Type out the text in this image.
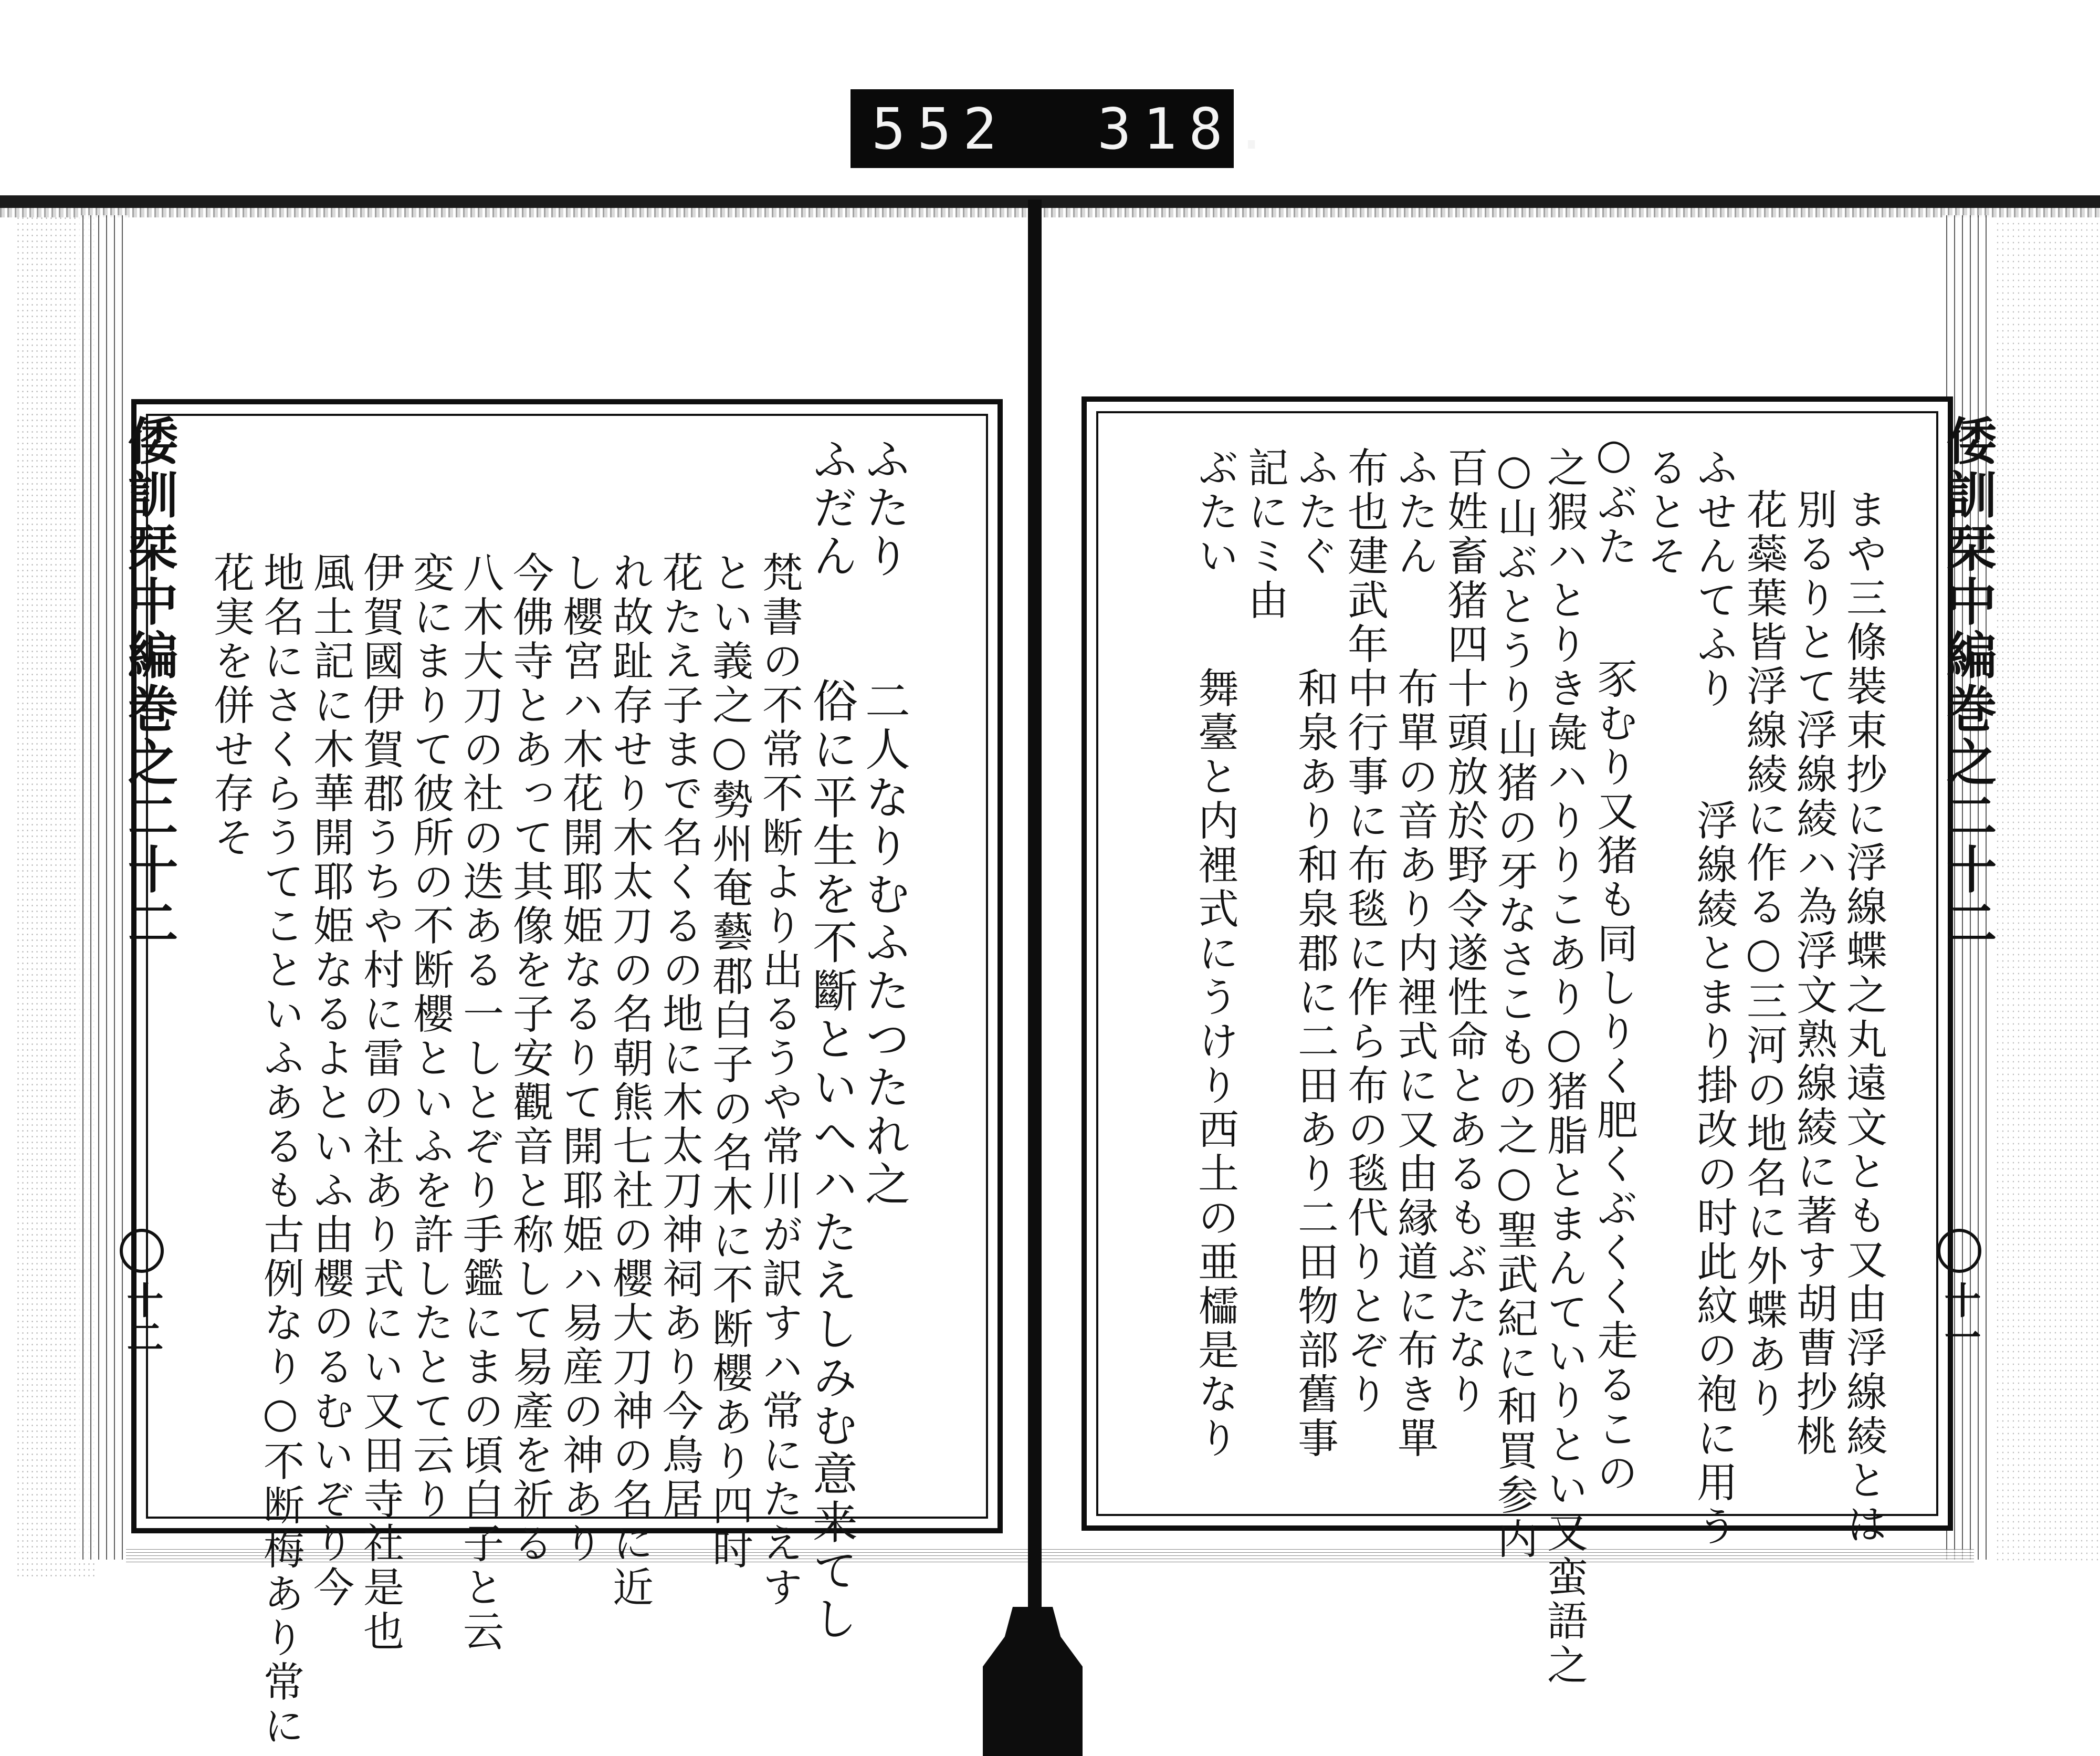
552 318.
倭訓栞中編巻之二十二
十二
ふたり　　二人なりむふたつたれ之
ふだん　　俗に平生を不斷といへハたえしみむ意来てし
梵書の不常不断より出るうや常川が訳すハ常にたえす
とい義之○勢州奄藝郡白子の名木に不断櫻あり四时
花たえ子まで名くるの地に木太刀神祠あり今鳥居
れ故趾存せり木太刀の名朝熊七社の櫻大刀神の名に近
し櫻宮ハ木花開耶姫なるりて開耶姫ハ易産の神あり
今佛寺とあって其像を子安觀音と称して易產を祈る
八木大刀の社の迭ある一しとぞり手鑑にまの頃白子と云
変にまりて彼所の不断櫻といふを許したとて云り
伊賀國伊賀郡うちや村に雷の社あり式にい又田寺社是也
風土記に木華開耶姫なるよといふ由櫻のるむいぞり今
地名にさくらうてこといふあるも古例なり○不断梅あり常に
花実を併せ存そ	倭訓栞中編巻之二十二
十一
まや三條裝束抄に浮線蝶之丸遠文とも又由浮線綾とは
別るりとて浮線綾ハ為浮文熟線綾に著す胡曹抄桃
花蘂葉皆浮線綾に作る○三河の地名に外蝶あり
ふせんてふり　　浮線綾とまり掛改の时此紋の袍に用う
るとそ
○ぶた　　豕むり又猪も同しりく肥くぶくく走るこの
之猳ハとりき彘ハりりこあり○猪脂とまんていりとい又蛮語之
○山ぶとうり山猪の牙なさこもの之○聖武紀に和買参内
百姓畜猪四十頭放於野令遂性命とあるもぶたなり
ふたん　　布單の音あり内裡式に又由縁道に布き單
布也建武年中行事に布毯に作ら布の毯代りとぞり
ふたぐ　　和泉あり和泉郡に二田あり二田物部舊事
記にミ由
ぶたい　　舞臺と内裡式にうけり西土の亜櫺是なり
